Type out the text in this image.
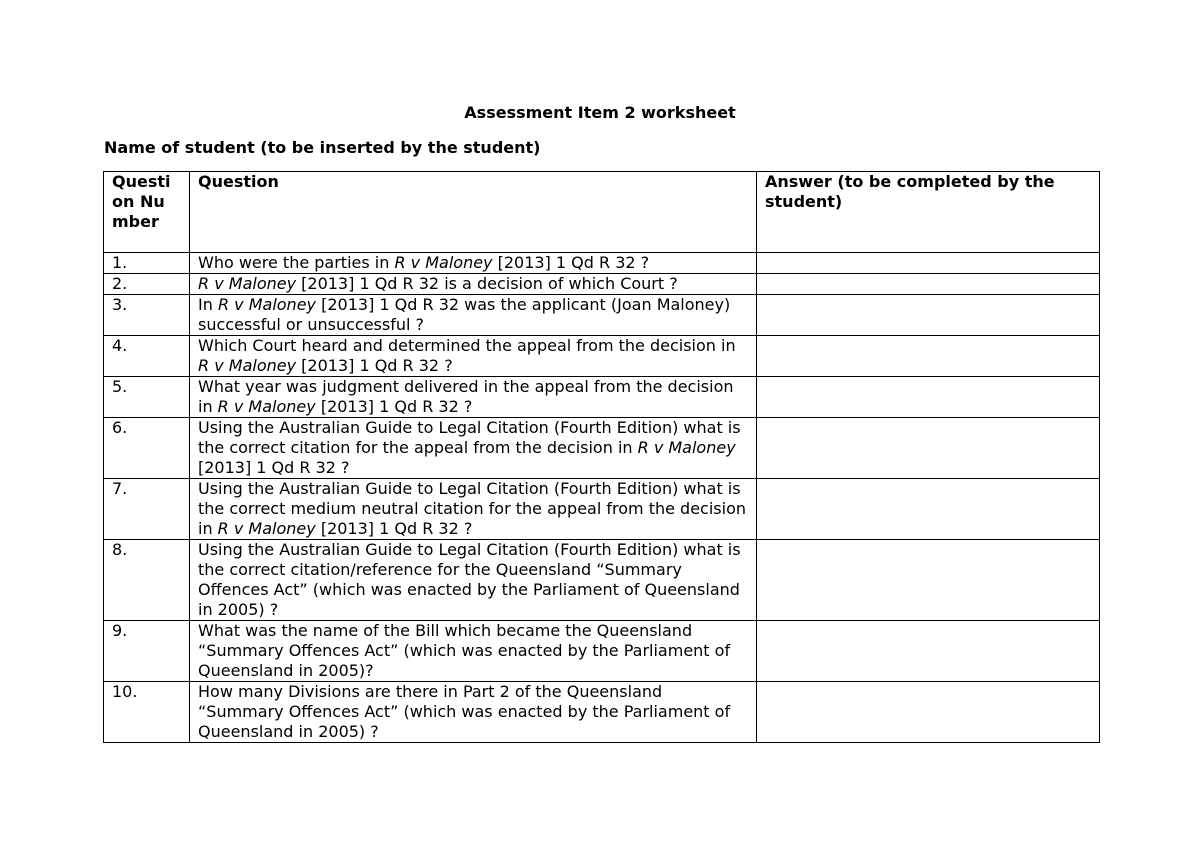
Assessment Item 2 worksheet
Name of student (to be inserted by the student)
Question Number	Question	Answer (to be completed by the student)
1.	Who were the parties in R v Maloney [2013] 1 Qd R 32 ?	
2.	R v Maloney [2013] 1 Qd R 32 is a decision of which Court ?	
3.	In R v Maloney [2013] 1 Qd R 32 was the applicant (Joan Maloney) successful or unsuccessful ?	
4.	Which Court heard and determined the appeal from the decision in R v Maloney [2013] 1 Qd R 32 ?	
5.	What year was judgment delivered in the appeal from the decision in R v Maloney [2013] 1 Qd R 32 ?	
6.	Using the Australian Guide to Legal Citation (Fourth Edition) what is the correct citation for the appeal from the decision in R v Maloney [2013] 1 Qd R 32 ?	
7.	Using the Australian Guide to Legal Citation (Fourth Edition) what is the correct medium neutral citation for the appeal from the decision in R v Maloney [2013] 1 Qd R 32 ?	
8.	Using the Australian Guide to Legal Citation (Fourth Edition) what is the correct citation/reference for the Queensland “Summary Offences Act” (which was enacted by the Parliament of Queensland in 2005) ?	
9.	What was the name of the Bill which became the Queensland “Summary Offences Act” (which was enacted by the Parliament of Queensland in 2005)?	
10.	How many Divisions are there in Part 2 of the Queensland “Summary Offences Act” (which was enacted by the Parliament of Queensland in 2005) ?	
